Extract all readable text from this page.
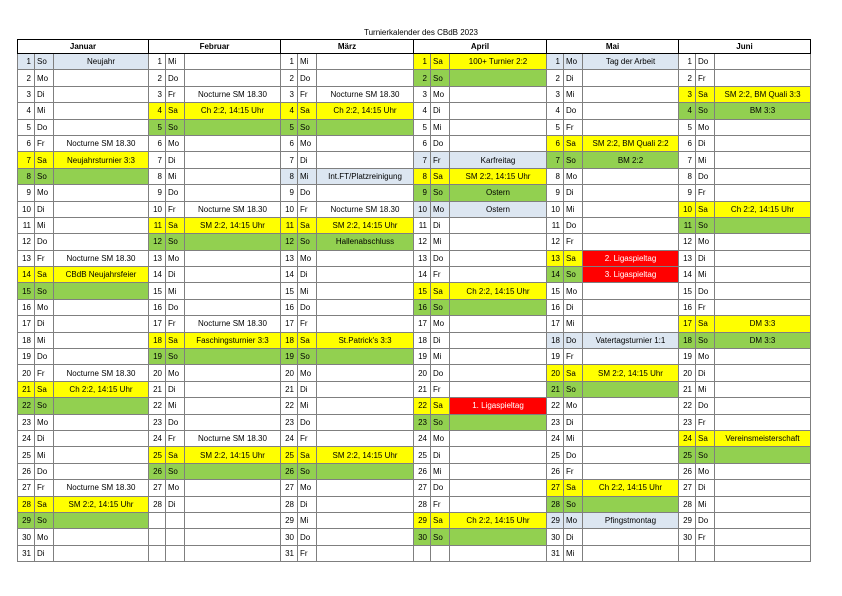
Turnierkalender des CBdB 2023
Januar			Februar			März			April			Mai			Juni		
1	So	Neujahr	1	Mi		1	Mi		1	Sa	100+ Turnier 2:2	1	Mo	Tag der Arbeit	1	Do	
2	Mo		2	Do		2	Do		2	So		2	Di		2	Fr	
3	Di		3	Fr	Nocturne SM 18.30	3	Fr	Nocturne SM 18.30	3	Mo		3	Mi		3	Sa	SM 2:2, BM Quali 3:3
4	Mi		4	Sa	Ch 2:2, 14:15 Uhr	4	Sa	Ch 2:2, 14:15 Uhr	4	Di		4	Do		4	So	BM 3:3
5	Do		5	So		5	So		5	Mi		5	Fr		5	Mo	
6	Fr	Nocturne SM 18.30	6	Mo		6	Mo		6	Do		6	Sa	SM 2:2, BM Quali 2:2	6	Di	
7	Sa	Neujahrsturnier 3:3	7	Di		7	Di		7	Fr	Karfreitag	7	So	BM 2:2	7	Mi	
8	So		8	Mi		8	Mi	Int.FT/Platzreinigung	8	Sa	SM 2:2, 14:15 Uhr	8	Mo		8	Do	
9	Mo		9	Do		9	Do		9	So	Ostern	9	Di		9	Fr	
10	Di		10	Fr	Nocturne SM 18.30	10	Fr	Nocturne SM 18.30	10	Mo	Ostern	10	Mi		10	Sa	Ch 2:2, 14:15 Uhr
11	Mi		11	Sa	SM 2:2, 14:15 Uhr	11	Sa	SM 2:2, 14:15 Uhr	11	Di		11	Do		11	So	
12	Do		12	So		12	So	Hallenabschluss	12	Mi		12	Fr		12	Mo	
13	Fr	Nocturne SM 18.30	13	Mo		13	Mo		13	Do		13	Sa	2. Ligaspieltag	13	Di	
14	Sa	CBdB Neujahrsfeier	14	Di		14	Di		14	Fr		14	So	3. Ligaspieltag	14	Mi	
15	So		15	Mi		15	Mi		15	Sa	Ch 2:2, 14:15 Uhr	15	Mo		15	Do	
16	Mo		16	Do		16	Do		16	So		16	Di		16	Fr	
17	Di		17	Fr	Nocturne SM 18.30	17	Fr		17	Mo		17	Mi		17	Sa	DM 3:3
18	Mi		18	Sa	Faschingsturnier 3:3	18	Sa	St.Patrick's 3:3	18	Di		18	Do	Vatertagsturnier 1:1	18	So	DM 3:3
19	Do		19	So		19	So		19	Mi		19	Fr		19	Mo	
20	Fr	Nocturne SM 18.30	20	Mo		20	Mo		20	Do		20	Sa	SM 2:2, 14:15 Uhr	20	Di	
21	Sa	Ch 2:2, 14:15 Uhr	21	Di		21	Di		21	Fr		21	So		21	Mi	
22	So		22	Mi		22	Mi		22	Sa	1. Ligaspieltag	22	Mo		22	Do	
23	Mo		23	Do		23	Do		23	So		23	Di		23	Fr	
24	Di		24	Fr	Nocturne SM 18.30	24	Fr		24	Mo		24	Mi		24	Sa	Vereinsmeisterschaft
25	Mi		25	Sa	SM 2:2, 14:15 Uhr	25	Sa	SM 2:2, 14:15 Uhr	25	Di		25	Do		25	So	
26	Do		26	So		26	So		26	Mi		26	Fr		26	Mo	
27	Fr	Nocturne SM 18.30	27	Mo		27	Mo		27	Do		27	Sa	Ch 2:2, 14:15 Uhr	27	Di	
28	Sa	SM 2:2, 14:15 Uhr	28	Di		28	Di		28	Fr		28	So		28	Mi	
29	So					29	Mi		29	Sa	Ch 2:2, 14:15 Uhr	29	Mo	Pfingstmontag	29	Do	
30	Mo					30	Do		30	So		30	Di		30	Fr	
31	Di					31	Fr					31	Mi				
